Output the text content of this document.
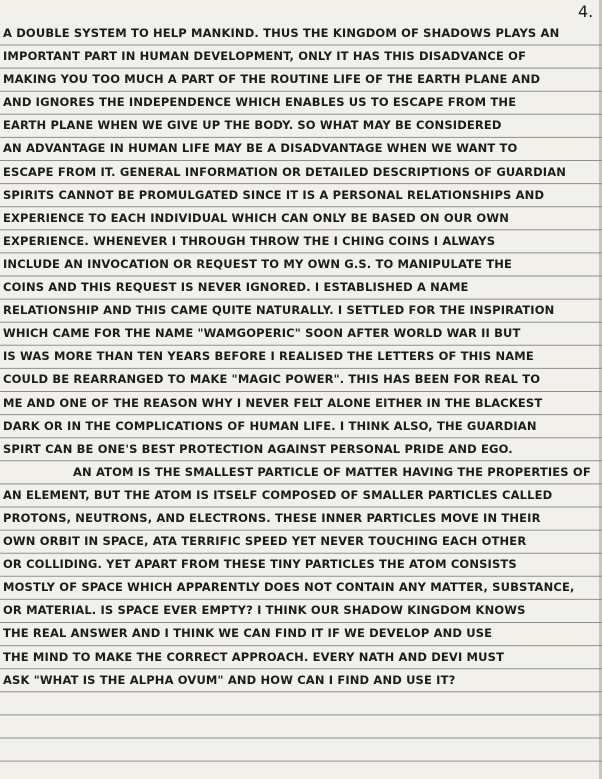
4.
A DOUBLE SYSTEM TO HELP MANKIND. THUS THE KINGDOM OF SHADOWS PLAYS AN
IMPORTANT PART IN HUMAN DEVELOPMENT, ONLY IT HAS THIS DISADVANCE OF
MAKING YOU TOO MUCH A PART OF THE ROUTINE LIFE OF THE EARTH PLANE AND
AND IGNORES THE INDEPENDENCE WHICH ENABLES US TO ESCAPE FROM THE
EARTH PLANE WHEN WE GIVE UP THE BODY. SO WHAT MAY BE CONSIDERED
AN ADVANTAGE IN HUMAN LIFE MAY BE A DISADVANTAGE WHEN WE WANT TO
ESCAPE FROM IT. GENERAL INFORMATION OR DETAILED DESCRIPTIONS OF GUARDIAN
SPIRITS CANNOT BE PROMULGATED SINCE IT IS A PERSONAL RELATIONSHIPS AND
EXPERIENCE TO EACH INDIVIDUAL WHICH CAN ONLY BE BASED ON OUR OWN
EXPERIENCE. WHENEVER I THROUGH THROW THE I CHING COINS I ALWAYS
INCLUDE AN INVOCATION OR REQUEST TO MY OWN G.S. TO MANIPULATE THE
COINS AND THIS REQUEST IS NEVER IGNORED. I ESTABLISHED A NAME
RELATIONSHIP AND THIS CAME QUITE NATURALLY. I SETTLED FOR THE INSPIRATION
WHICH CAME FOR THE NAME "WAMGOPERIC" SOON AFTER WORLD WAR II BUT
IS WAS MORE THAN TEN YEARS BEFORE I REALISED THE LETTERS OF THIS NAME
COULD BE REARRANGED TO MAKE "MAGIC POWER". THIS HAS BEEN FOR REAL TO
ME AND ONE OF THE REASON WHY I NEVER FELT ALONE EITHER IN THE BLACKEST
DARK OR IN THE COMPLICATIONS OF HUMAN LIFE. I THINK ALSO, THE GUARDIAN
SPIRT CAN BE ONE'S BEST PROTECTION AGAINST PERSONAL PRIDE AND EGO.
AN ATOM IS THE SMALLEST PARTICLE OF MATTER HAVING THE PROPERTIES OF
AN ELEMENT, BUT THE ATOM IS ITSELF COMPOSED OF SMALLER PARTICLES CALLED
PROTONS, NEUTRONS, AND ELECTRONS. THESE INNER PARTICLES MOVE IN THEIR
OWN ORBIT IN SPACE, ATA TERRIFIC SPEED YET NEVER TOUCHING EACH OTHER
OR COLLIDING. YET APART FROM THESE TINY PARTICLES THE ATOM CONSISTS
MOSTLY OF SPACE WHICH APPARENTLY DOES NOT CONTAIN ANY MATTER, SUBSTANCE,
OR MATERIAL. IS SPACE EVER EMPTY? I THINK OUR SHADOW KINGDOM KNOWS
THE REAL ANSWER AND I THINK WE CAN FIND IT IF WE DEVELOP AND USE
THE MIND TO MAKE THE CORRECT APPROACH. EVERY NATH AND DEVI MUST
ASK "WHAT IS THE ALPHA OVUM" AND HOW CAN I FIND AND USE IT?
